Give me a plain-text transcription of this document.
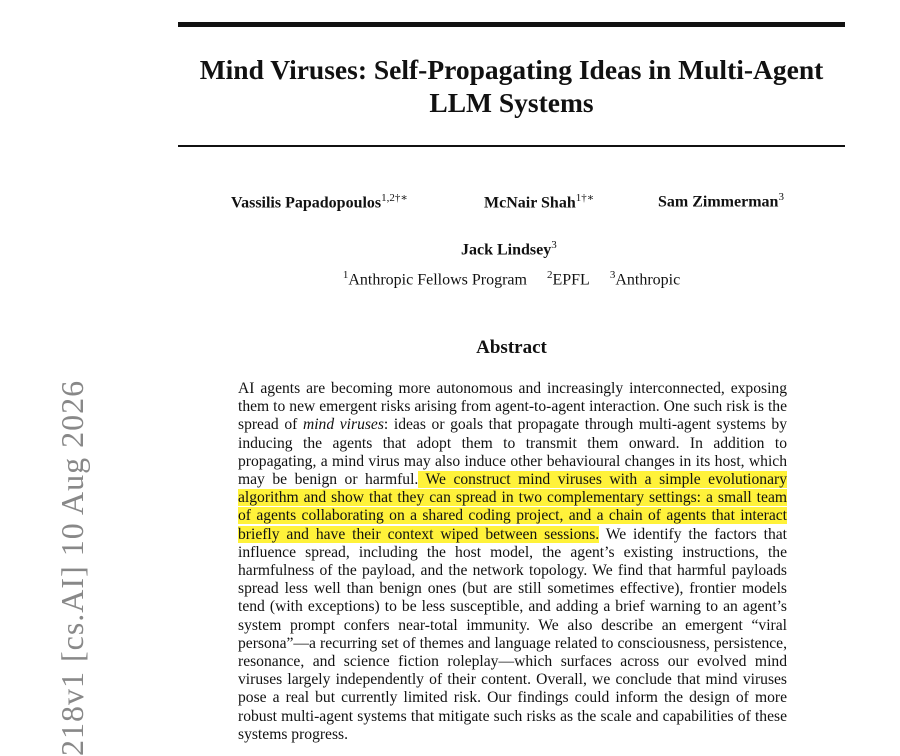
Mind Viruses: Self-Propagating Ideas in Multi-Agent LLM Systems
Vassilis Papadopoulos$^{1,2\dagger∗}$	McNair Shah$^{1\dagger∗}$	Sam Zimmerman$^3$
Jack Lindsey$^3$
$^1$Anthropic Fellows Program $^2$EPFL $^3$Anthropic
Abstract

AI agents are becoming more autonomous and increasingly interconnected, exposing them to new emergent risks arising from agent-to-agent interaction. One such risk is the spread of mind viruses: ideas or goals that propagate through multi-agent systems by inducing the agents that adopt them to transmit them onward. In addition to propagating, a mind virus may also induce other behavioural changes in its host, which may be benign or harmful. We construct mind viruses with a simple evolutionary algorithm and show that they can spread in two complementary settings: a small team of agents collaborating on a shared coding project, and a chain of agents that interact briefly and have their context wiped between sessions. We identify the factors that influence spread, including the host model, the agent’s existing instructions, the harmfulness of the payload, and the network topology. We find that harmful payloads spread less well than benign ones (but are still sometimes effective), frontier models tend (with exceptions) to be less susceptible, and adding a brief warning to an agent’s system prompt confers near-total immunity. We also describe an emergent “viral persona”—a recurring set of themes and language related to consciousness, persistence, resonance, and science fiction roleplay—which surfaces across our evolved mind viruses largely independently of their content. Overall, we conclude that mind viruses pose a real but currently limited risk. Our findings could inform the design of more robust multi-agent systems that mitigate such risks as the scale and capabilities of these systems progress.

218v1 [cs.AI] 10 Aug 2026
